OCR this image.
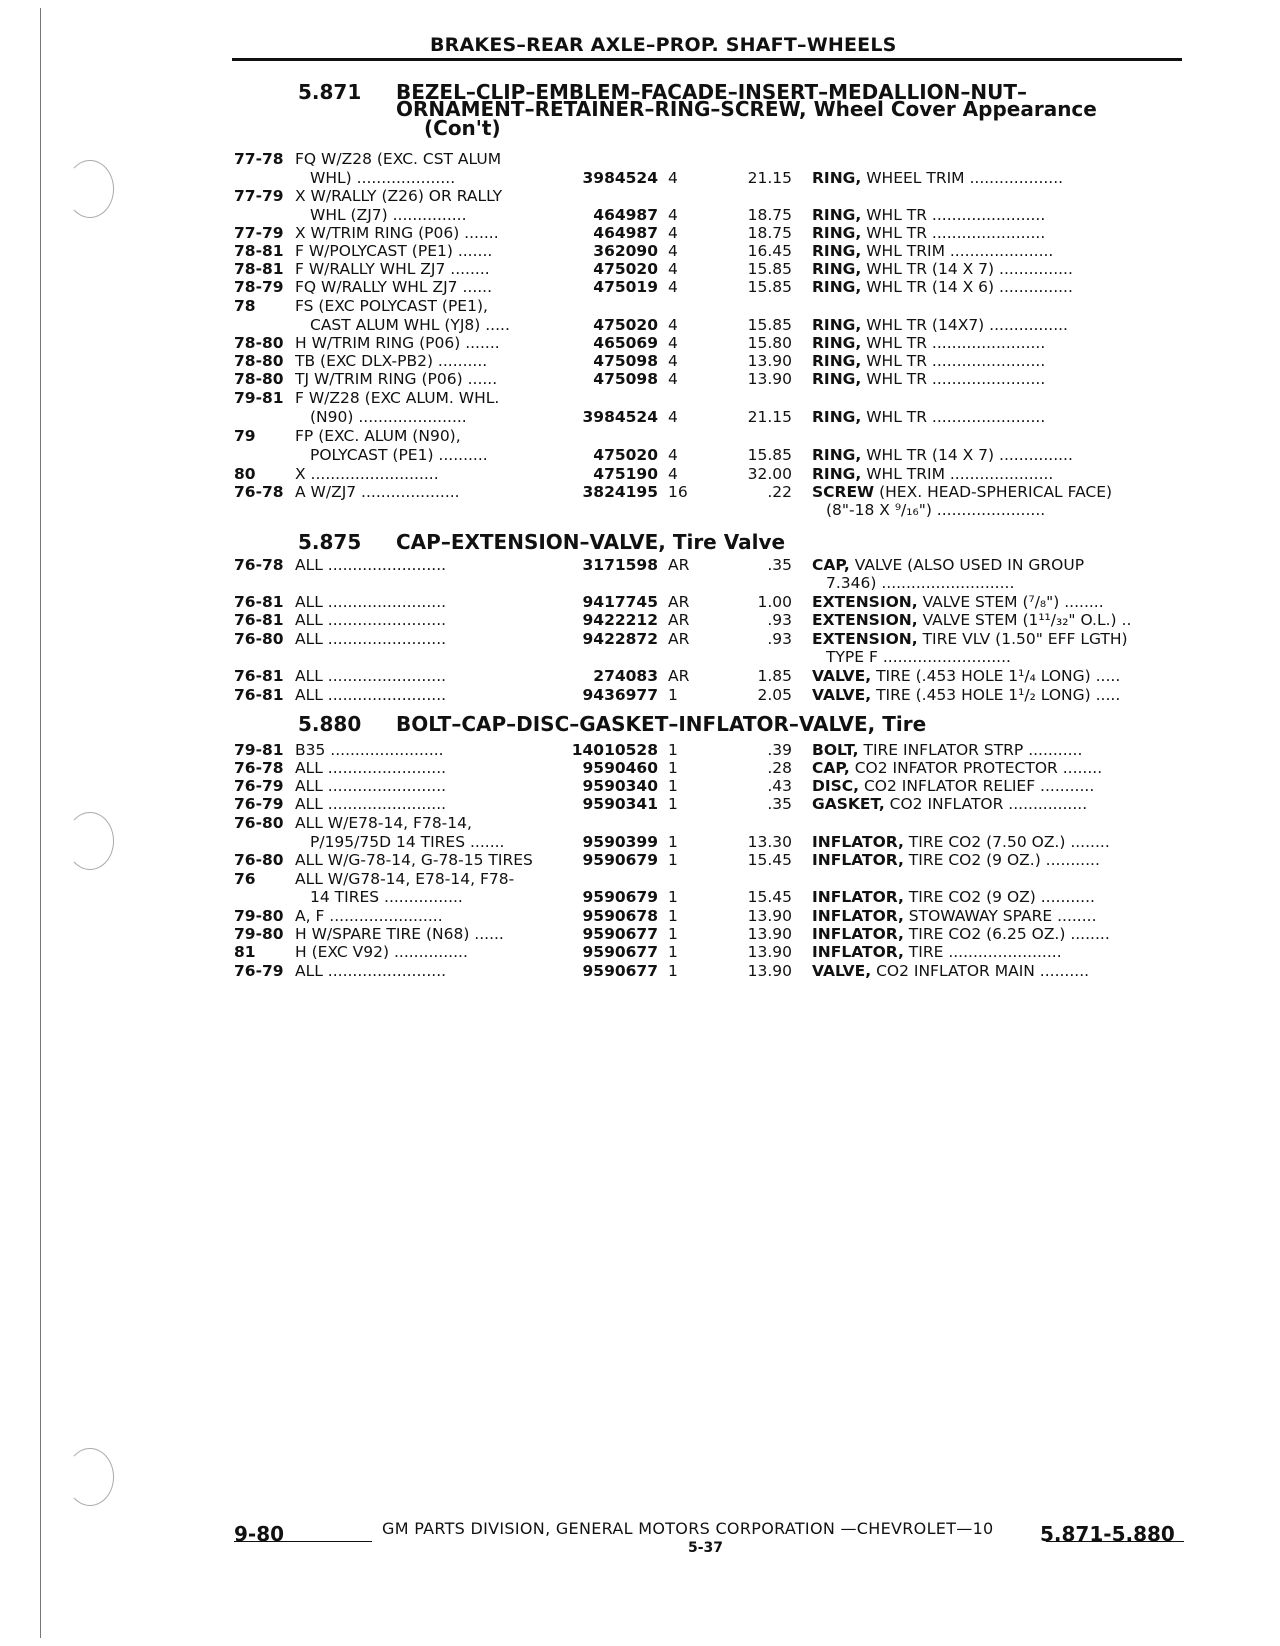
BRAKES–REAR AXLE–PROP. SHAFT–WHEELS
5.871 BEZEL–CLIP–EMBLEM–FACADE–INSERT–MEDALLION–NUT–
ORNAMENT–RETAINER–RING–SCREW, Wheel Cover Appearance
(Con't)
5.875 CAP–EXTENSION–VALVE, Tire Valve
5.880 BOLT–CAP–DISC–GASKET–INFLATOR–VALVE, Tire
77-78 FQ W/Z28 (EXC. CST ALUM
WHL) ....................	3984524 4	21.15 RING, WHEEL TRIM ...................
77-79 X W/RALLY (Z26) OR RALLY
WHL (ZJ7) ...............	464987 4	18.75 RING, WHL TR .......................
77-79 X W/TRIM RING (P06) .......	464987 4	18.75 RING, WHL TR .......................
78-81 F W/POLYCAST (PE1) .......	362090 4	16.45 RING, WHL TRIM .....................
78-81 F W/RALLY WHL ZJ7 ........	475020 4	15.85 RING, WHL TR (14 X 7) ...............
78-79 FQ W/RALLY WHL ZJ7 ......	475019 4	15.85 RING, WHL TR (14 X 6) ...............
78	FS (EXC POLYCAST (PE1),
CAST ALUM WHL (YJ8) .....	475020 4	15.85 RING, WHL TR (14X7) ................
78-80 H W/TRIM RING (P06) .......	465069 4	15.80 RING, WHL TR .......................
78-80 TB (EXC DLX-PB2) ..........	475098 4	13.90 RING, WHL TR .......................
78-80 TJ W/TRIM RING (P06) ......	475098 4	13.90 RING, WHL TR .......................
79-81 F W/Z28 (EXC ALUM. WHL.
(N90) ......................	3984524 4	21.15 RING, WHL TR .......................
79	FP (EXC. ALUM (N90),
POLYCAST (PE1) ..........	475020 4	15.85 RING, WHL TR (14 X 7) ...............
80	X ..........................	475190 4	32.00 RING, WHL TRIM .....................
76-78 A W/ZJ7 ....................	3824195 16	.22 SCREW (HEX. HEAD-SPHERICAL FACE)
(8"-18 X ⁹/₁₆") ......................
76-78 ALL ........................	3171598 AR	.35 CAP, VALVE (ALSO USED IN GROUP
7.346) ...........................
76-81 ALL ........................	9417745 AR	1.00 EXTENSION, VALVE STEM (⁷/₈") ........
76-81 ALL ........................	9422212 AR	.93 EXTENSION, VALVE STEM (1¹¹/₃₂" O.L.) ..
76-80 ALL ........................	9422872 AR	.93 EXTENSION, TIRE VLV (1.50" EFF LGTH)
TYPE F ..........................
76-81 ALL ........................	274083 AR	1.85 VALVE, TIRE (.453 HOLE 1¹/₄ LONG) .....
76-81 ALL ........................	9436977 1	2.05 VALVE, TIRE (.453 HOLE 1¹/₂ LONG) .....
79-81 B35 .......................	14010528 1	.39 BOLT, TIRE INFLATOR STRP ...........
76-78 ALL ........................	9590460 1	.28 CAP, CO2 INFATOR PROTECTOR ........
76-79 ALL ........................	9590340 1	.43 DISC, CO2 INFLATOR RELIEF ...........
76-79 ALL ........................	9590341 1	.35 GASKET, CO2 INFLATOR ................
76-80 ALL W/E78-14, F78-14,
P/195/75D 14 TIRES .......	9590399 1	13.30 INFLATOR, TIRE CO2 (7.50 OZ.) ........
76-80 ALL W/G-78-14, G-78-15 TIRES	9590679 1	15.45 INFLATOR, TIRE CO2 (9 OZ.) ...........
76	ALL W/G78-14, E78-14, F78-
14 TIRES ................	9590679 1	15.45 INFLATOR, TIRE CO2 (9 OZ) ...........
79-80 A, F .......................	9590678 1	13.90 INFLATOR, STOWAWAY SPARE ........
79-80 H W/SPARE TIRE (N68) ......	9590677 1	13.90 INFLATOR, TIRE CO2 (6.25 OZ.) ........
81	H (EXC V92) ...............	9590677 1	13.90 INFLATOR, TIRE .......................
76-79 ALL ........................	9590677 1	13.90 VALVE, CO2 INFLATOR MAIN ..........
9-80	GM PARTS DIVISION, GENERAL MOTORS CORPORATION —CHEVROLET—10
5-37
5.871-5.880
